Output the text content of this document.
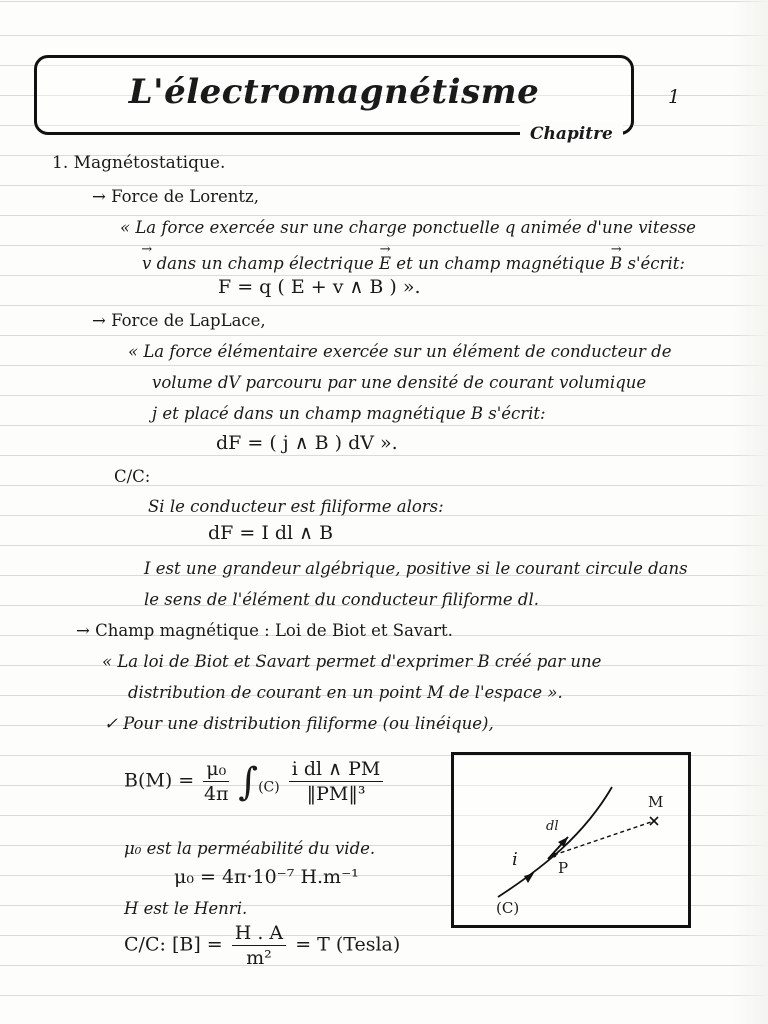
L'électromagnétisme	1
Chapitre
1. Magnétostatique.
→ Force de Lorentz,
« La force exercée sur une charge ponctuelle q animée d'une vitesse
→ v dans un champ électrique → E et un champ magnétique → B s'écrit:
F = q ( E + v ∧ B ) ».
→ Force de LapLace,
« La force élémentaire exercée sur un élément de conducteur de
volume dV parcouru par une densité de courant volumique
j et placé dans un champ magnétique B s'écrit:
dF = ( j ∧ B ) dV ».
C/C:
Si le conducteur est filiforme alors:
dF = I dl ∧ B
I est une grandeur algébrique, positive si le courant circule dans
le sens de l'élément du conducteur filiforme dl.
→ Champ magnétique : Loi de Biot et Savart.
« La loi de Biot et Savart permet d'exprimer B créé par une
distribution de courant en un point M de l'espace ».
✓ Pour une distribution filiforme (ou linéique),
$B(M) = \frac{\text{μ₀}}{4\pi} \int_{(C)} \frac{\text{i dl ∧ PM}}{\text{‖PM‖³}}$
μ₀ est la perméabilité du vide.
μ₀ = 4π·10⁻⁷ H.m⁻¹
H est le Henri.
C/C: $[B] = \frac{H . A}{\text{m²}} = T$ (Tesla)
M
dl
i	P
(C)
